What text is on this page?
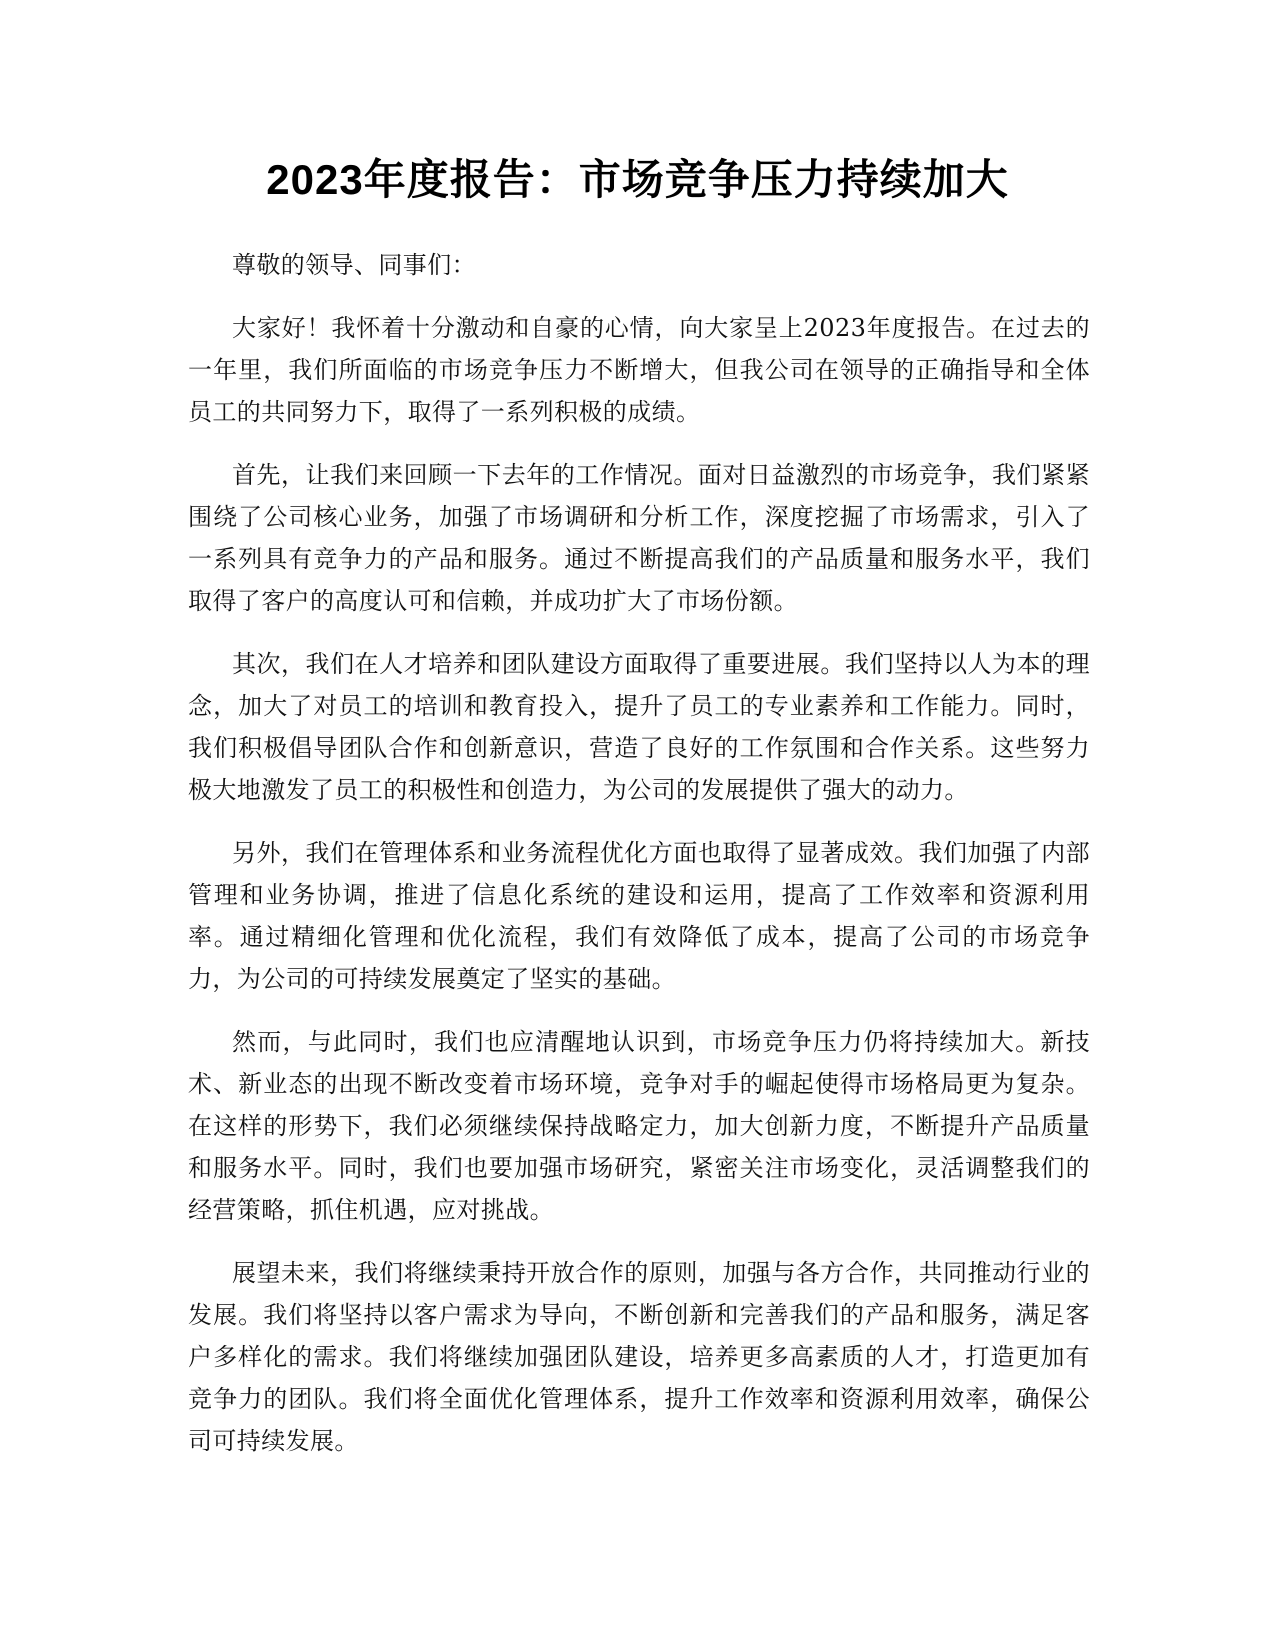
2023年度报告：市场竞争压力持续加大

尊敬的领导、同事们：

大家好！我怀着十分激动和自豪的心情，向大家呈上2023年度报告。在过去的一年里，我们所面临的市场竞争压力不断增大，但我公司在领导的正确指导和全体员工的共同努力下，取得了一系列积极的成绩。

首先，让我们来回顾一下去年的工作情况。面对日益激烈的市场竞争，我们紧紧围绕了公司核心业务，加强了市场调研和分析工作，深度挖掘了市场需求，引入了一系列具有竞争力的产品和服务。通过不断提高我们的产品质量和服务水平，我们取得了客户的高度认可和信赖，并成功扩大了市场份额。

其次，我们在人才培养和团队建设方面取得了重要进展。我们坚持以人为本的理念，加大了对员工的培训和教育投入，提升了员工的专业素养和工作能力。同时，我们积极倡导团队合作和创新意识，营造了良好的工作氛围和合作关系。这些努力极大地激发了员工的积极性和创造力，为公司的发展提供了强大的动力。

另外，我们在管理体系和业务流程优化方面也取得了显著成效。我们加强了内部管理和业务协调，推进了信息化系统的建设和运用，提高了工作效率和资源利用率。通过精细化管理和优化流程，我们有效降低了成本，提高了公司的市场竞争力，为公司的可持续发展奠定了坚实的基础。

然而，与此同时，我们也应清醒地认识到，市场竞争压力仍将持续加大。新技术、新业态的出现不断改变着市场环境，竞争对手的崛起使得市场格局更为复杂。在这样的形势下，我们必须继续保持战略定力，加大创新力度，不断提升产品质量和服务水平。同时，我们也要加强市场研究，紧密关注市场变化，灵活调整我们的经营策略，抓住机遇，应对挑战。

展望未来，我们将继续秉持开放合作的原则，加强与各方合作，共同推动行业的发展。我们将坚持以客户需求为导向，不断创新和完善我们的产品和服务，满足客户多样化的需求。我们将继续加强团队建设，培养更多高素质的人才，打造更加有竞争力的团队。我们将全面优化管理体系，提升工作效率和资源利用效率，确保公司可持续发展。
